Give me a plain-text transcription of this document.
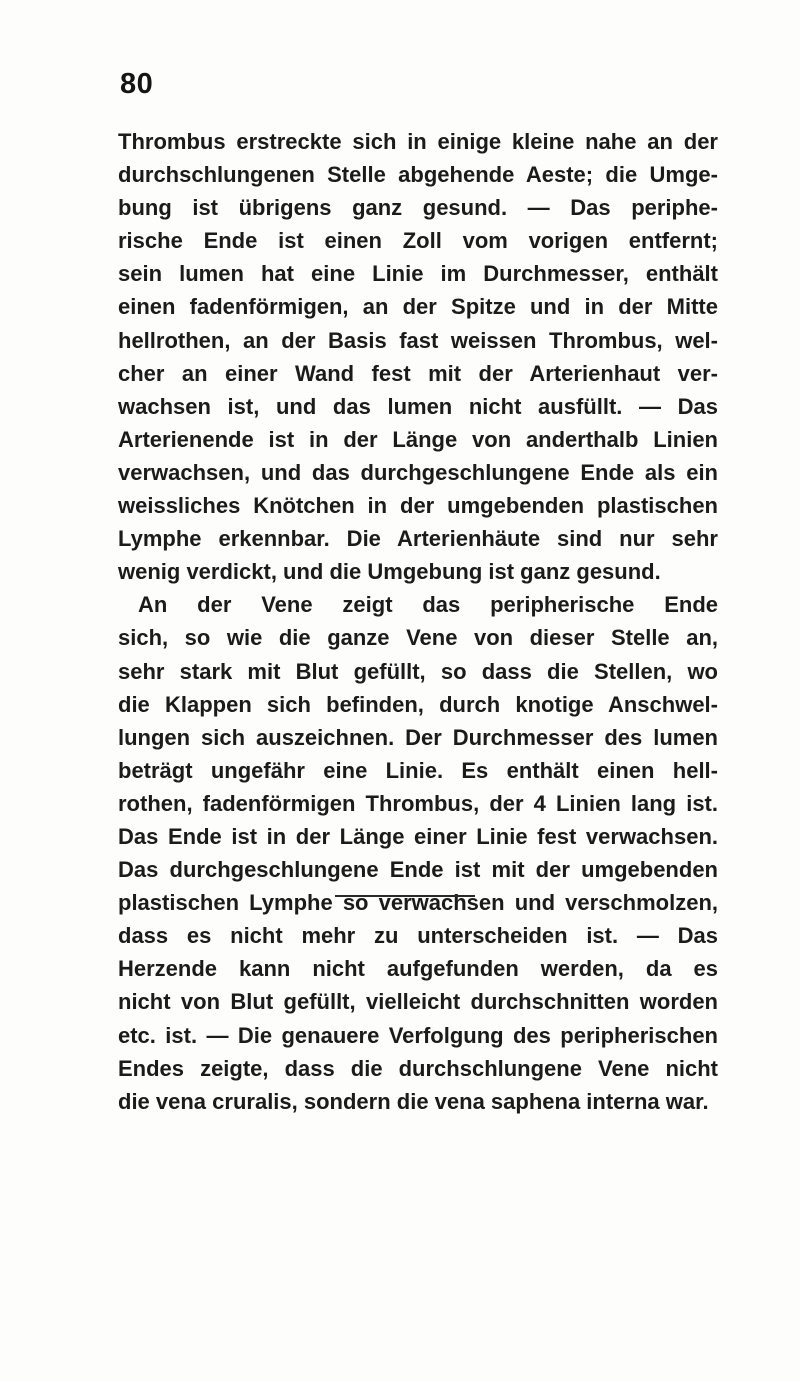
80
Thrombus erstreckte sich in einige kleine nahe an der
durchschlungenen Stelle abgehende Aeste; die Umge-
bung ist übrigens ganz gesund. — Das periphe-
rische Ende ist einen Zoll vom vorigen entfernt;
sein lumen hat eine Linie im Durchmesser, enthält
einen fadenförmigen, an der Spitze und in der Mitte
hellrothen, an der Basis fast weissen Thrombus, wel-
cher an einer Wand fest mit der Arterienhaut ver-
wachsen ist, und das lumen nicht ausfüllt. — Das
Arterienende ist in der Länge von anderthalb Linien
verwachsen, und das durchgeschlungene Ende als ein
weissliches Knötchen in der umgebenden plastischen
Lymphe erkennbar. Die Arterienhäute sind nur sehr
wenig verdickt, und die Umgebung ist ganz gesund.
An der Vene zeigt das peripherische Ende
sich, so wie die ganze Vene von dieser Stelle an,
sehr stark mit Blut gefüllt, so dass die Stellen, wo
die Klappen sich befinden, durch knotige Anschwel-
lungen sich auszeichnen. Der Durchmesser des lumen
beträgt ungefähr eine Linie. Es enthält einen hell-
rothen, fadenförmigen Thrombus, der 4 Linien lang ist.
Das Ende ist in der Länge einer Linie fest verwachsen.
Das durchgeschlungene Ende ist mit der umgebenden
plastischen Lymphe so verwachsen und verschmolzen,
dass es nicht mehr zu unterscheiden ist. — Das
Herzende kann nicht aufgefunden werden, da es
nicht von Blut gefüllt, vielleicht durchschnitten worden
etc. ist. — Die genauere Verfolgung des peripherischen
Endes zeigte, dass die durchschlungene Vene nicht
die vena cruralis, sondern die vena saphena interna war.
